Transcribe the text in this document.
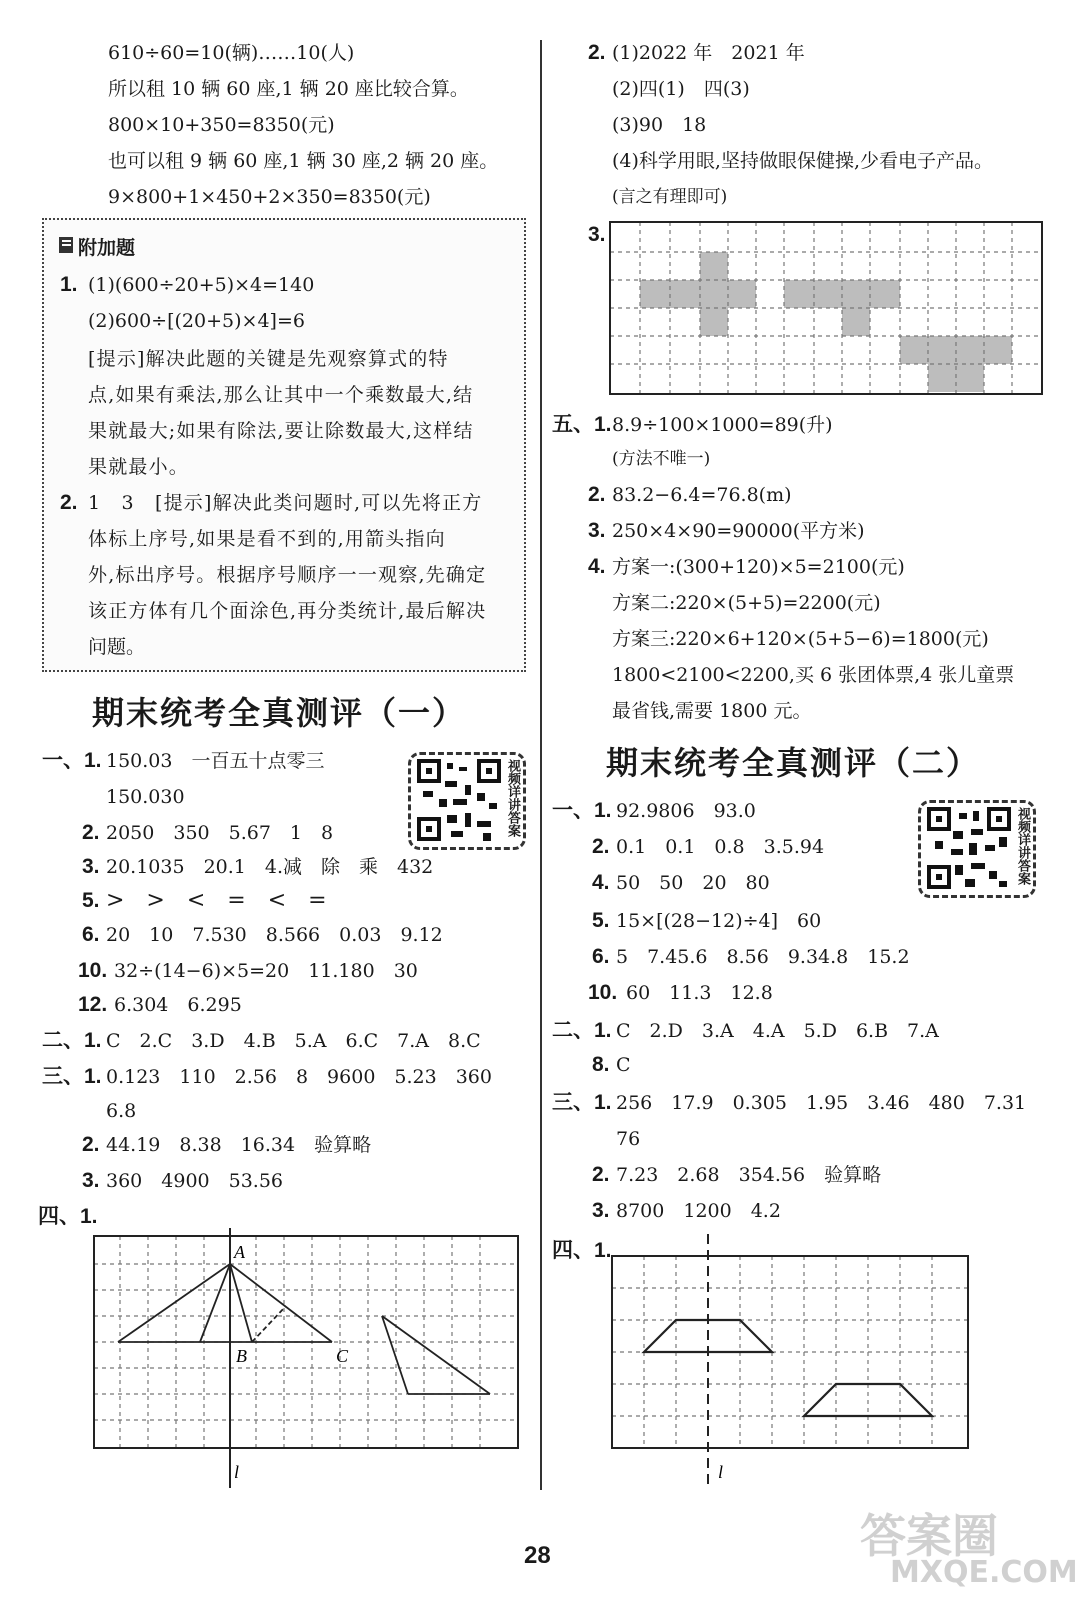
610÷60=10(辆)……10(人)
所以租 10 辆 60 座,1 辆 20 座比较合算。
800×10+350=8350(元)
也可以租 9 辆 60 座,1 辆 30 座,2 辆 20 座。
9×800+1×450+2×350=8350(元)
附加题
1. (1)(600÷20+5)×4=140
(2)600÷[(20+5)×4]=6
[提示]解决此题的关键是先观察算式的特
点,如果有乘法,那么让其中一个乘数最大,结
果就最大;如果有除法,要让除数最大,这样结
果就最小。
2. 1　3　[提示]解决此类问题时,可以先将正方
体标上序号,如果是看不到的,用箭头指向
外,标出序号。根据序号顺序一一观察,先确定
该正方体有几个面涂色,再分类统计,最后解决
问题。
期末统考全真测评（一）
视频详讲答案
一、1. 150.03　一百五十点零三
150.030
2. 2050　350　5.67　1　8
3. 20.1035　20.1　4.减　除　乘　432
5. >　>　<　=　<　=
6. 20　10　7.530　8.566　0.03　9.12
10. 32÷(14−6)×5=20　11.180　30
12. 6.304　6.295
二、1. C　2.C　3.D　4.B　5.A　6.C　7.A　8.C
三、1. 0.123　110　2.56　8　9600　5.23　360
6.8
2. 44.19　8.38　16.34　验算略
3. 360　4900　53.56
四、1.
A
B	C
l
2. (1)2022 年　2021 年
(2)四(1)　四(3)
(3)90　18
(4)科学用眼,坚持做眼保健操,少看电子产品。
(言之有理即可)
3.
五、1. 8.9÷100×1000=89(升)
(方法不唯一)
2. 83.2−6.4=76.8(m)
3. 250×4×90=90000(平方米)
4. 方案一:(300+120)×5=2100(元)
方案二:220×(5+5)=2200(元)
方案三:220×6+120×(5+5−6)=1800(元)
1800<2100<2200,买 6 张团体票,4 张儿童票
最省钱,需要 1800 元。
期末统考全真测评（二）
视频详讲答案
一、1. 92.9806　93.0
2. 0.1　0.1　0.8　3.5.94
4. 50　50　20　80
5. 15×[(28−12)÷4]　60
6. 5　7.45.6　8.56　9.34.8　15.2
10. 60　11.3　12.8
二、1. C　2.D　3.A　4.A　5.D　6.B　7.A
8. C
三、1. 256　17.9　0.305　1.95　3.46　480　7.31
76
2. 7.23　2.68　354.56　验算略
3. 8700　1200　4.2
四、1.
l
28	答案圈
MXQE.COM
